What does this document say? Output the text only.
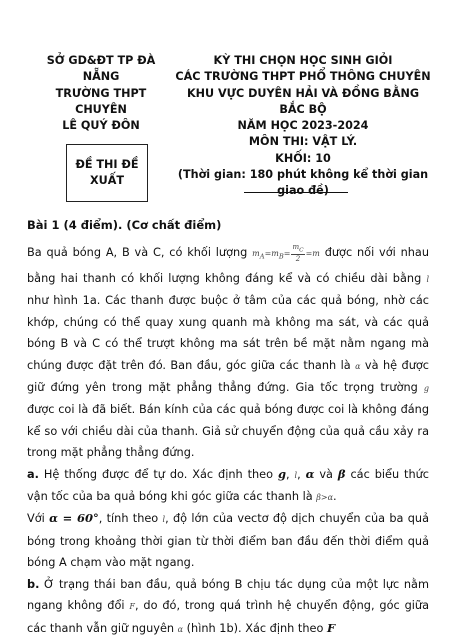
SỞ GD&ĐT TP ĐÀ
NẴNG
TRƯỜNG THPT
CHUYÊN
LÊ QUÝ ĐÔN
KỲ THI CHỌN HỌC SINH GIỎI
CÁC TRƯỜNG THPT PHỔ THÔNG CHUYÊN
KHU VỰC DUYÊN HẢI VÀ ĐỒNG BẰNG
BẮC BỘ
NĂM HỌC 2023-2024
MÔN THI: VẬT LÝ.
KHỐI: 10
(Thời gian: 180 phút không kể thời gian
giao đề)
ĐỀ THI ĐỀ
XUẤT
Bài 1 (4 điểm). (Cơ chất điểm)

Ba quả bóng A, B và C, có khối lượng $m_A=m_B= \frac{m_C}{2} =m$ được nối với nhau bằng hai thanh có khối lượng không đáng kể và có chiều dài bằng l như hình 1a. Các thanh được buộc ở tâm của các quả bóng, nhờ các khớp, chúng có thể quay xung quanh mà không ma sát, và các quả bóng B và C có thể trượt không ma sát trên bề mặt nằm ngang mà chúng được đặt trên đó. Ban đầu, góc giữa các thanh là α và hệ được giữ đứng yên trong mặt phẳng thẳng đứng. Gia tốc trọng trường g được coi là đã biết. Bán kính của các quả bóng được coi là không đáng kể so với chiều dài của thanh. Giả sử chuyển động của quả cầu xảy ra trong mặt phẳng thẳng đứng.

a. Hệ thống được để tự do. Xác định theo g, l, α và β các biểu thức vận tốc của ba quả bóng khi góc giữa các thanh là β>α.

Với α = 60°, tính theo l, độ lớn của vectơ độ dịch chuyển của ba quả bóng trong khoảng thời gian từ thời điểm ban đầu đến thời điểm quả bóng A chạm vào mặt ngang.

b. Ở trạng thái ban đầu, quả bóng B chịu tác dụng của một lực nằm ngang không đổi F, do đó, trong quá trình hệ chuyển động, góc giữa các thanh vẫn giữ nguyên α (hình 1b). Xác định theo F
